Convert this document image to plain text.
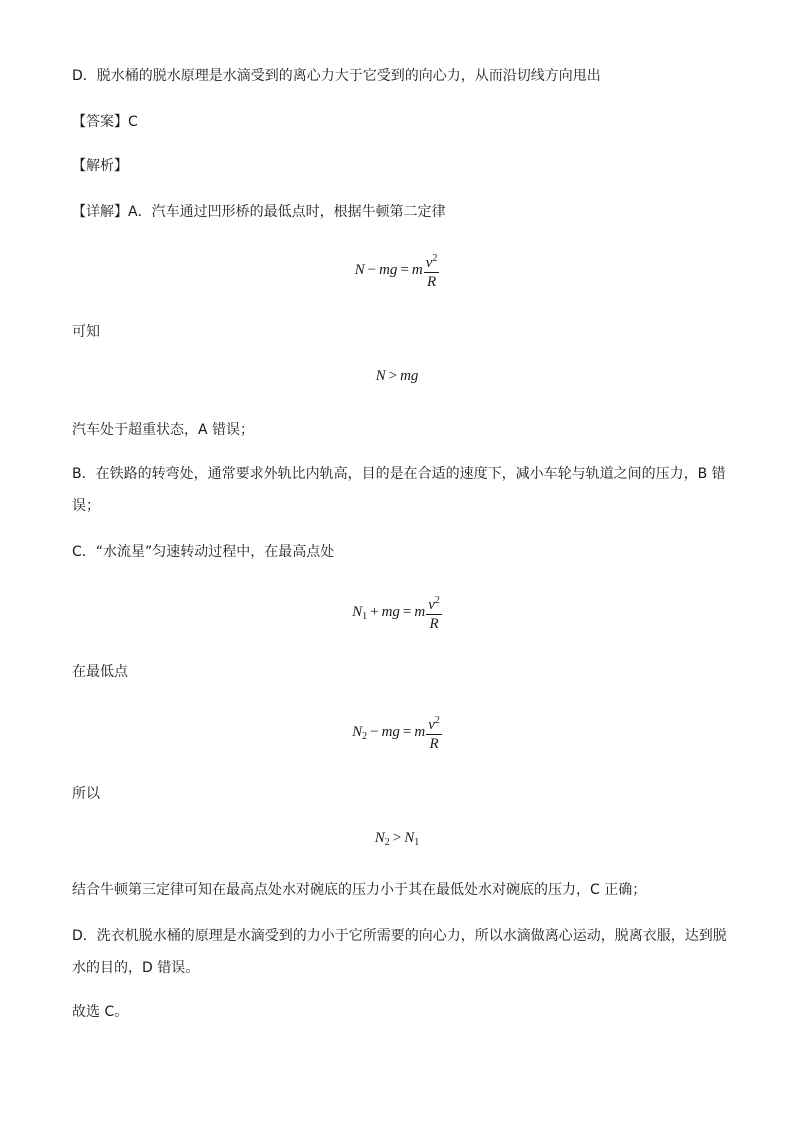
D．脱水桶的脱水原理是水滴受到的离心力大于它受到的向心力，从而沿切线方向甩出

【答案】C

【解析】

【详解】A．汽车通过凹形桥的最低点时，根据牛顿第二定律

N − mg = m $\frac{v^2}{R}$

可知

N > mg

汽车处于超重状态，A 错误；

B．在铁路的转弯处，通常要求外轨比内轨高，目的是在合适的速度下，减小车轮与轨道之间的压力，B 错

误；

C．“水流星”匀速转动过程中，在最高点处

$N_1$ + mg = m $\frac{v^2}{R}$

在最低点

$N_2$ − mg = m $\frac{v^2}{R}$

所以

$N_2 > N_1$

结合牛顿第三定律可知在最高点处水对碗底的压力小于其在最低处水对碗底的压力，C 正确；

D．洗衣机脱水桶的原理是水滴受到的力小于它所需要的向心力，所以水滴做离心运动，脱离衣服，达到脱

水的目的，D 错误。

故选 C。
